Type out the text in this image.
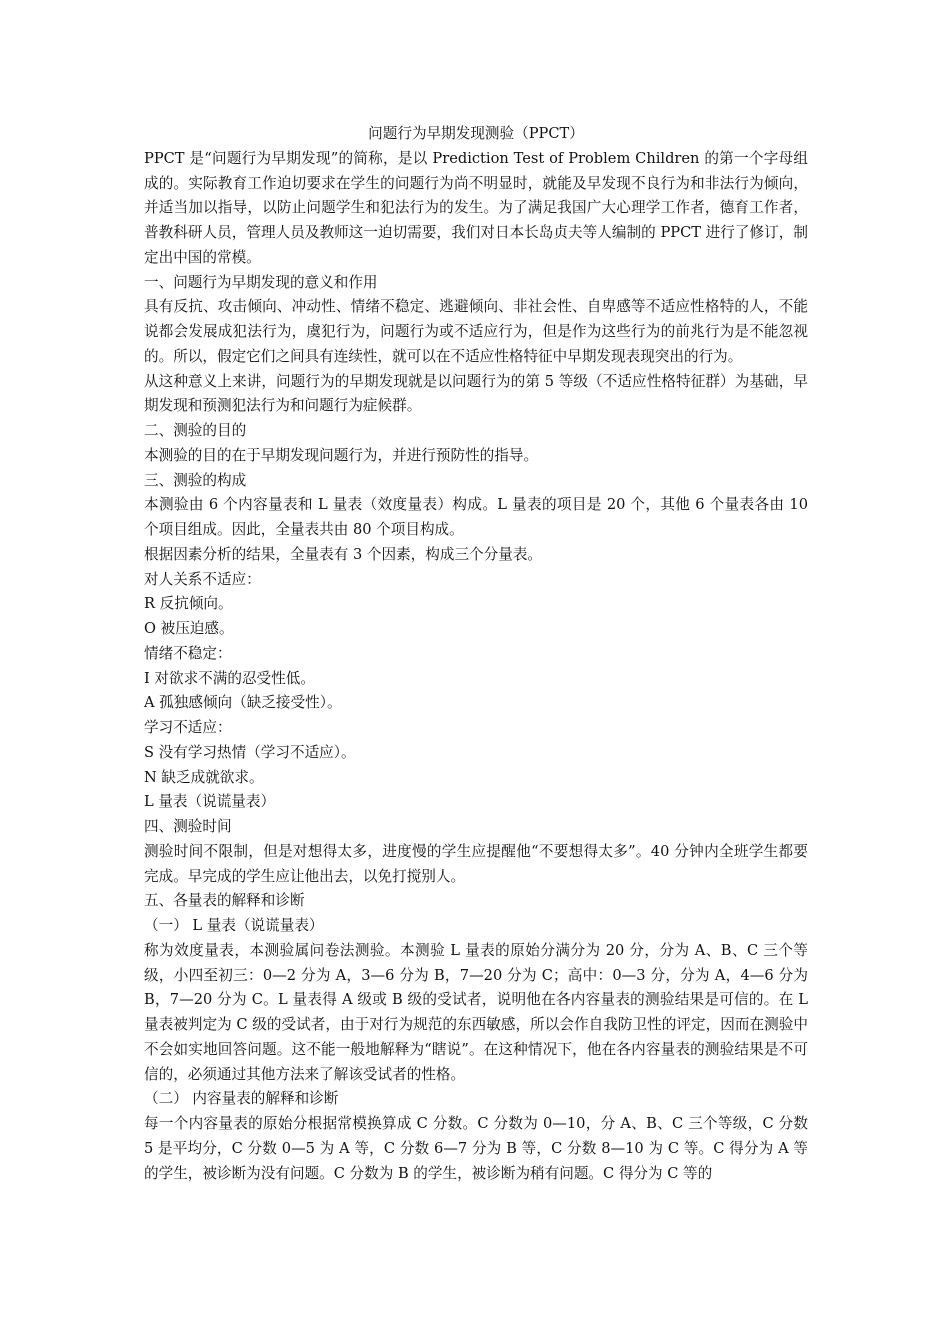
问题行为早期发现测验（PPCT）

PPCT 是“问题行为早期发现”的简称，是以 Prediction Test of Problem Children 的第一个字母组成的。实际教育工作迫切要求在学生的问题行为尚不明显时，就能及早发现不良行为和非法行为倾向，并适当加以指导，以防止问题学生和犯法行为的发生。为了满足我国广大心理学工作者，德育工作者，普教科研人员，管理人员及教师这一迫切需要，我们对日本长岛贞夫等人编制的 PPCT 进行了修订，制定出中国的常模。

一、问题行为早期发现的意义和作用

具有反抗、攻击倾向、冲动性、情绪不稳定、逃避倾向、非社会性、自卑感等不适应性格特的人，不能说都会发展成犯法行为，虞犯行为，问题行为或不适应行为，但是作为这些行为的前兆行为是不能忽视的。所以，假定它们之间具有连续性，就可以在不适应性格特征中早期发现表现突出的行为。

从这种意义上来讲，问题行为的早期发现就是以问题行为的第 5 等级（不适应性格特征群）为基础，早期发现和预测犯法行为和问题行为症候群。

二、测验的目的

本测验的目的在于早期发现问题行为，并进行预防性的指导。

三、测验的构成

本测验由 6 个内容量表和 L 量表（效度量表）构成。L 量表的项目是 20 个，其他 6 个量表各由 10 个项目组成。因此，全量表共由 80 个项目构成。

根据因素分析的结果，全量表有 3 个因素，构成三个分量表。

对人关系不适应：

R 反抗倾向。

O 被压迫感。

情绪不稳定：

I 对欲求不满的忍受性低。

A 孤独感倾向（缺乏接受性）。

学习不适应：

S 没有学习热情（学习不适应）。

N 缺乏成就欲求。

L 量表（说谎量表）

四、测验时间

测验时间不限制，但是对想得太多，进度慢的学生应提醒他“不要想得太多”。40 分钟内全班学生都要完成。早完成的学生应让他出去，以免打搅别人。

五、各量表的解释和诊断

（一） L 量表（说谎量表）

称为效度量表，本测验属问卷法测验。本测验 L 量表的原始分满分为 20 分，分为 A、B、C 三个等级，小四至初三：0—2 分为 A，3—6 分为 B，7—20 分为 C；高中：0—3 分，分为 A，4—6 分为 B，7—20 分为 C。L 量表得 A 级或 B 级的受试者，说明他在各内容量表的测验结果是可信的。在 L 量表被判定为 C 级的受试者，由于对行为规范的东西敏感，所以会作自我防卫性的评定，因而在测验中不会如实地回答问题。这不能一般地解释为“瞎说”。在这种情况下，他在各内容量表的测验结果是不可信的，必须通过其他方法来了解该受试者的性格。

（二） 内容量表的解释和诊断

每一个内容量表的原始分根据常模换算成 C 分数。C 分数为 0—10，分 A、B、C 三个等级，C 分数 5 是平均分，C 分数 0—5 为 A 等，C 分数 6—7 分为 B 等，C 分数 8—10 为 C 等。C 得分为 A 等的学生，被诊断为没有问题。C 分数为 B 的学生，被诊断为稍有问题。C 得分为 C 等的
